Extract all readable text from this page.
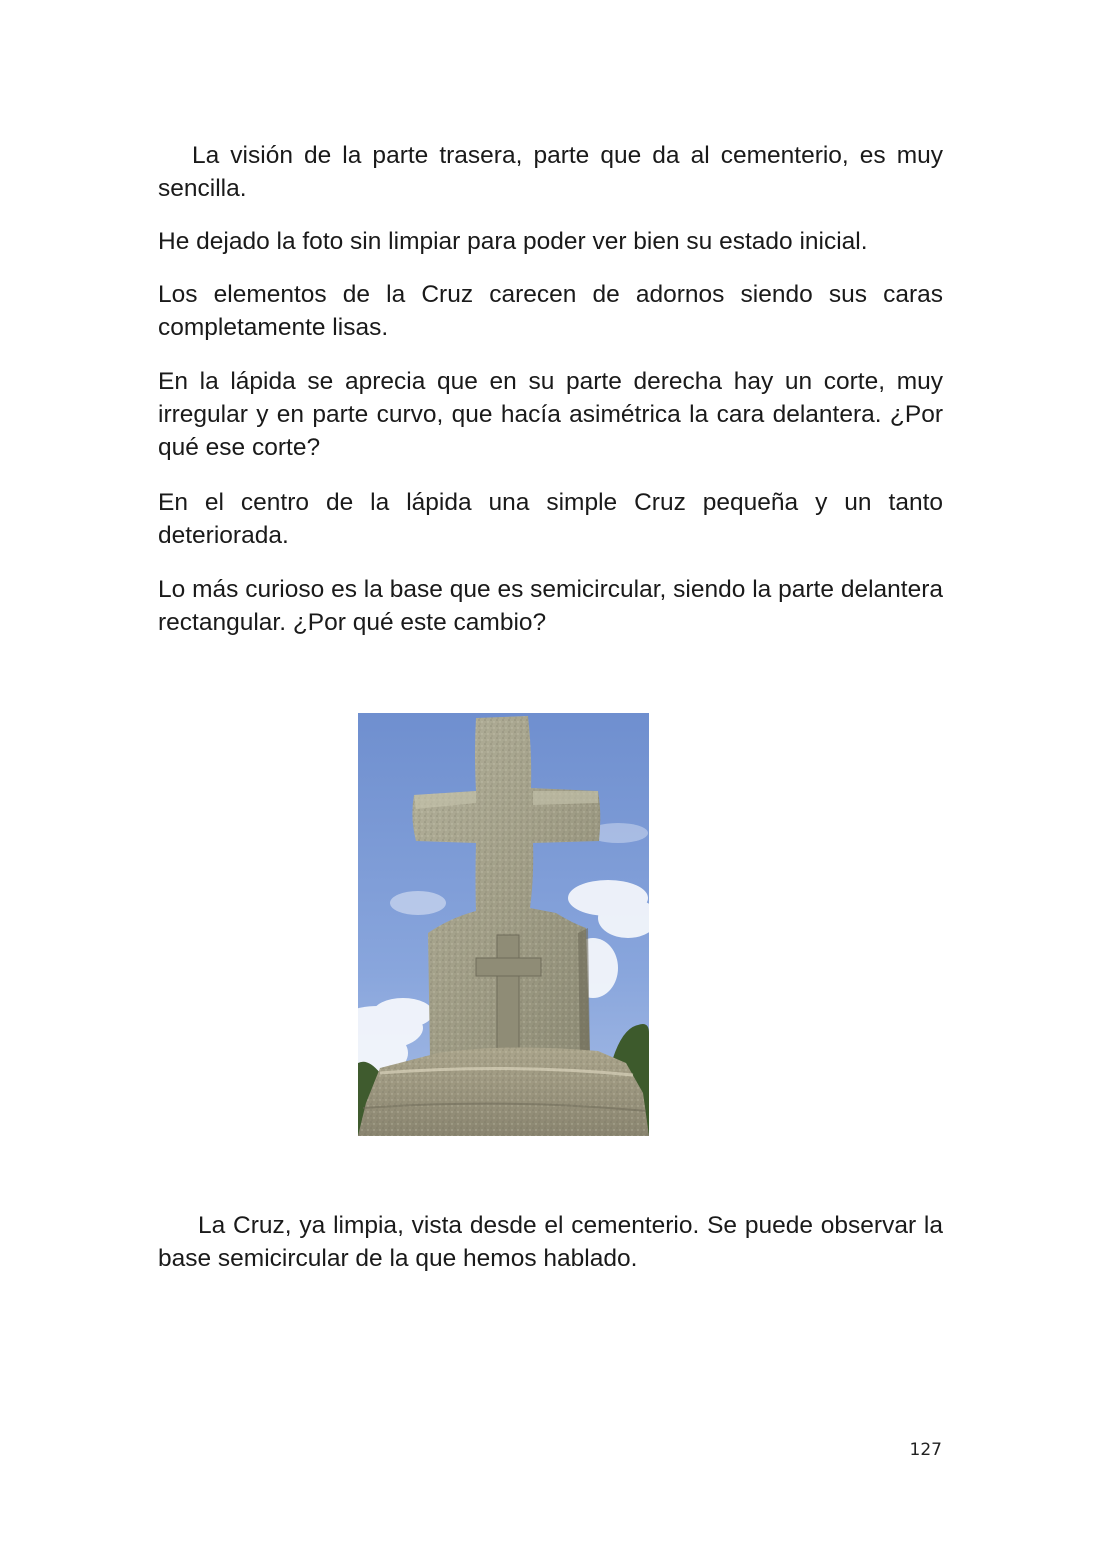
La visión de la parte trasera, parte que da al cementerio, es muy sencilla.

He dejado la foto sin limpiar para poder ver bien su estado inicial.

Los elementos de la Cruz carecen de adornos siendo sus caras completamente lisas.

En la lápida se aprecia que en su parte derecha hay un corte, muy irregular y en parte curvo, que hacía asimétrica la cara delantera. ¿Por qué ese corte?

En el centro de la lápida una simple Cruz pequeña y un tanto deteriorada.

Lo más curioso es la base que es semicircular, siendo la parte delantera rectangular. ¿Por qué este cambio?

La Cruz, ya limpia, vista desde el cementerio. Se puede observar la base semicircular de la que hemos hablado.

127
